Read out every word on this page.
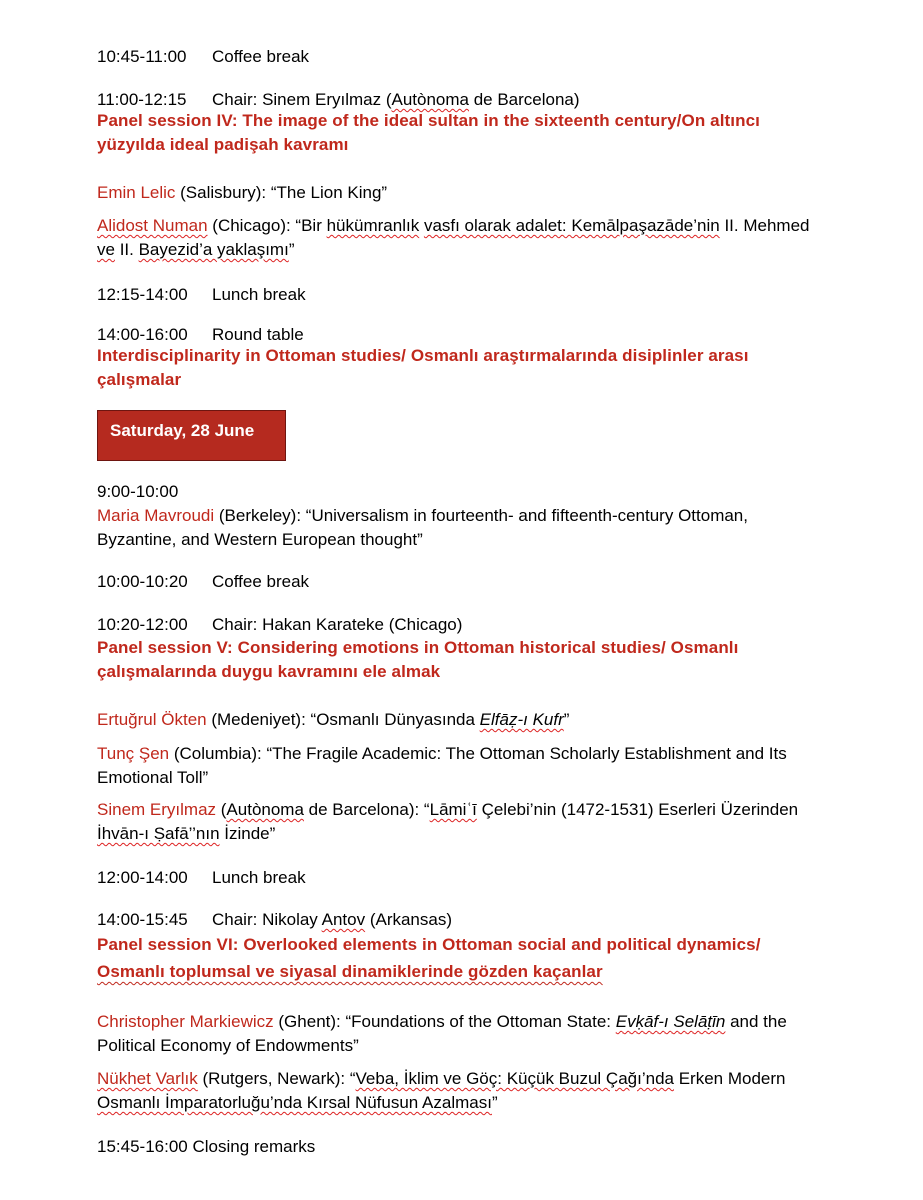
10:45-11:00	Coffee break
11:00-12:15	Chair: Sinem Eryılmaz (Autònoma de Barcelona)
Panel session IV: The image of the ideal sultan in the sixteenth century/On altıncı
yüzyılda ideal padişah kavramı
Emin Lelic (Salisbury): “The Lion King”
Alidost Numan (Chicago): “Bir hükümranlık vasfı olarak adalet: Kemālpaşazāde’nin II. Mehmed
ve II. Bayezid’a yaklaşımı”
12:15-14:00	Lunch break
14:00-16:00	Round table
Interdisciplinarity in Ottoman studies/ Osmanlı araştırmalarında disiplinler arası
çalışmalar
Saturday, 28 June
9:00-10:00
Maria Mavroudi (Berkeley): “Universalism in fourteenth- and fifteenth-century Ottoman,
Byzantine, and Western European thought”
10:00-10:20	Coffee break
10:20-12:00	Chair: Hakan Karateke (Chicago)
Panel session V: Considering emotions in Ottoman historical studies/ Osmanlı
çalışmalarında duygu kavramını ele almak
Ertuğrul Ökten (Medeniyet): “Osmanlı Dünyasında Elfāẓ-ı Kufr”
Tunç Şen (Columbia): “The Fragile Academic: The Ottoman Scholarly Establishment and Its
Emotional Toll”
Sinem Eryılmaz (Autònoma de Barcelona): “Lāmiʿī Çelebi’nin (1472-1531) Eserleri Üzerinden
İhvān-ı Ṣafā’’nın İzinde”
12:00-14:00	Lunch break
14:00-15:45	Chair: Nikolay Antov (Arkansas)
Panel session VI: Overlooked elements in Ottoman social and political dynamics/
Osmanlı toplumsal ve siyasal dinamiklerinde gözden kaçanlar
Christopher Markiewicz (Ghent): “Foundations of the Ottoman State: Evḳāf-ı Selāṭīn and the
Political Economy of Endowments”
Nükhet Varlık (Rutgers, Newark): “Veba, İklim ve Göç: Küçük Buzul Çağı’nda Erken Modern
Osmanlı İmparatorluğu’nda Kırsal Nüfusun Azalması”
15:45-16:00 Closing remarks
